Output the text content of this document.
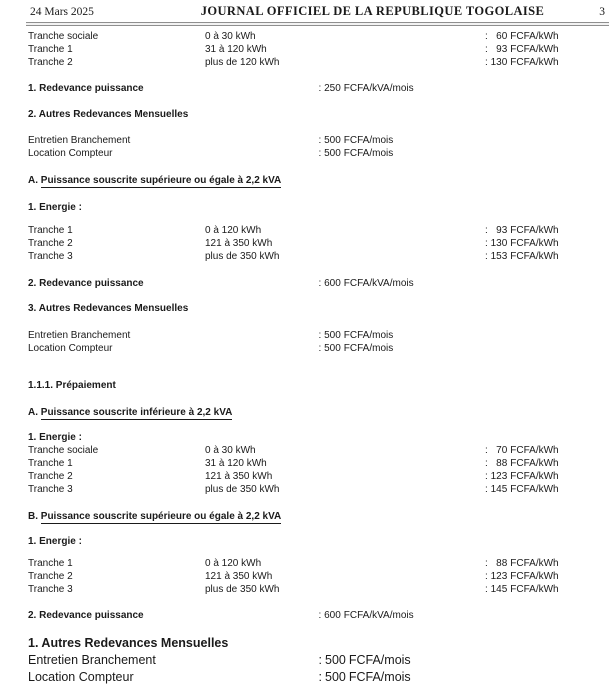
24 Mars 2025	JOURNAL OFFICIEL DE LA REPUBLIQUE TOGOLAISE	3
Tranche sociale	0 à 30 kWh	: 60 FCFA/kWh
Tranche 1	31 à 120 kWh	: 93 FCFA/kWh
Tranche 2	plus de 120 kWh	: 130 FCFA/kWh
1. Redevance puissance	: 250 FCFA/kVA/mois
2. Autres Redevances Mensuelles
Entretien Branchement	: 500 FCFA/mois
Location Compteur	: 500 FCFA/mois
A. Puissance souscrite supérieure ou égale à 2,2 kVA
1. Energie :
Tranche 1	0 à 120 kWh	: 93 FCFA/kWh
Tranche 2	121 à 350 kWh	: 130 FCFA/kWh
Tranche 3	plus de 350 kWh	: 153 FCFA/kWh
2. Redevance puissance	: 600 FCFA/kVA/mois
3. Autres Redevances Mensuelles
Entretien Branchement	: 500 FCFA/mois
Location Compteur	: 500 FCFA/mois
1.1.1. Prépaiement
A. Puissance souscrite inférieure à 2,2 kVA
1. Energie :
Tranche sociale	0 à 30 kWh	: 70 FCFA/kWh
Tranche 1	31 à 120 kWh	: 88 FCFA/kWh
Tranche 2	121 à 350 kWh	: 123 FCFA/kWh
Tranche 3	plus de 350 kWh	: 145 FCFA/kWh
B. Puissance souscrite supérieure ou égale à 2,2 kVA
1. Energie :
Tranche 1	0 à 120 kWh	: 88 FCFA/kWh
Tranche 2	121 à 350 kWh	: 123 FCFA/kWh
Tranche 3	plus de 350 kWh	: 145 FCFA/kWh
2. Redevance puissance	: 600 FCFA/kVA/mois
1. Autres Redevances Mensuelles
Entretien Branchement	: 500 FCFA/mois
Location Compteur	: 500 FCFA/mois
